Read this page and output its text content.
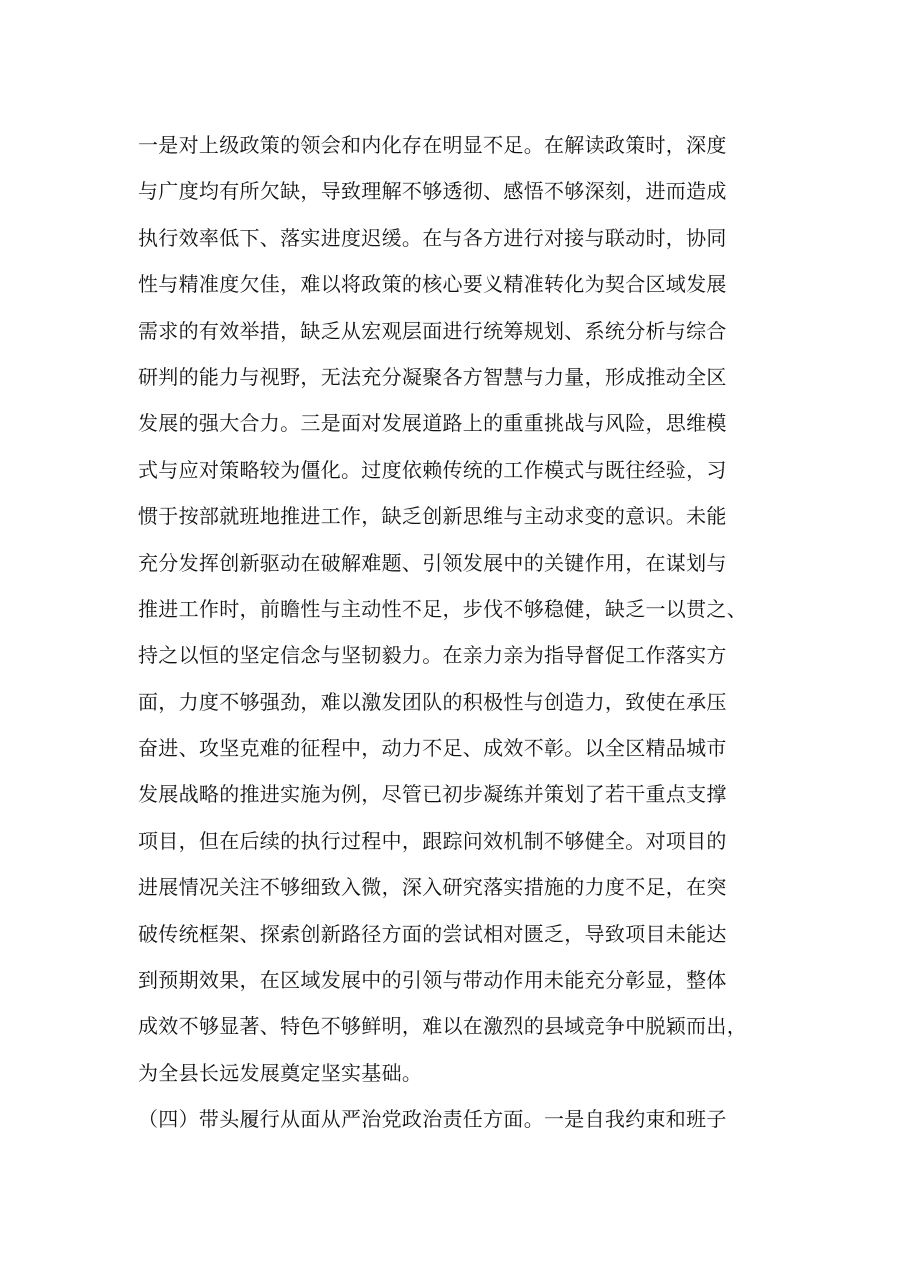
一是对上级政策的领会和内化存在明显不足。在解读政策时，深度
与广度均有所欠缺，导致理解不够透彻、感悟不够深刻，进而造成
执行效率低下、落实进度迟缓。在与各方进行对接与联动时，协同
性与精准度欠佳，难以将政策的核心要义精准转化为契合区域发展
需求的有效举措，缺乏从宏观层面进行统筹规划、系统分析与综合
研判的能力与视野，无法充分凝聚各方智慧与力量，形成推动全区
发展的强大合力。三是面对发展道路上的重重挑战与风险，思维模
式与应对策略较为僵化。过度依赖传统的工作模式与既往经验，习
惯于按部就班地推进工作，缺乏创新思维与主动求变的意识。未能
充分发挥创新驱动在破解难题、引领发展中的关键作用，在谋划与
推进工作时，前瞻性与主动性不足，步伐不够稳健，缺乏一以贯之、
持之以恒的坚定信念与坚韧毅力。在亲力亲为指导督促工作落实方
面，力度不够强劲，难以激发团队的积极性与创造力，致使在承压
奋进、攻坚克难的征程中，动力不足、成效不彰。以全区精品城市
发展战略的推进实施为例，尽管已初步凝练并策划了若干重点支撑
项目，但在后续的执行过程中，跟踪问效机制不够健全。对项目的
进展情况关注不够细致入微，深入研究落实措施的力度不足，在突
破传统框架、探索创新路径方面的尝试相对匮乏，导致项目未能达
到预期效果，在区域发展中的引领与带动作用未能充分彰显，整体
成效不够显著、特色不够鲜明，难以在激烈的县域竞争中脱颖而出，
为全县长远发展奠定坚实基础。
（四）带头履行从面从严治党政治责任方面。一是自我约束和班子
